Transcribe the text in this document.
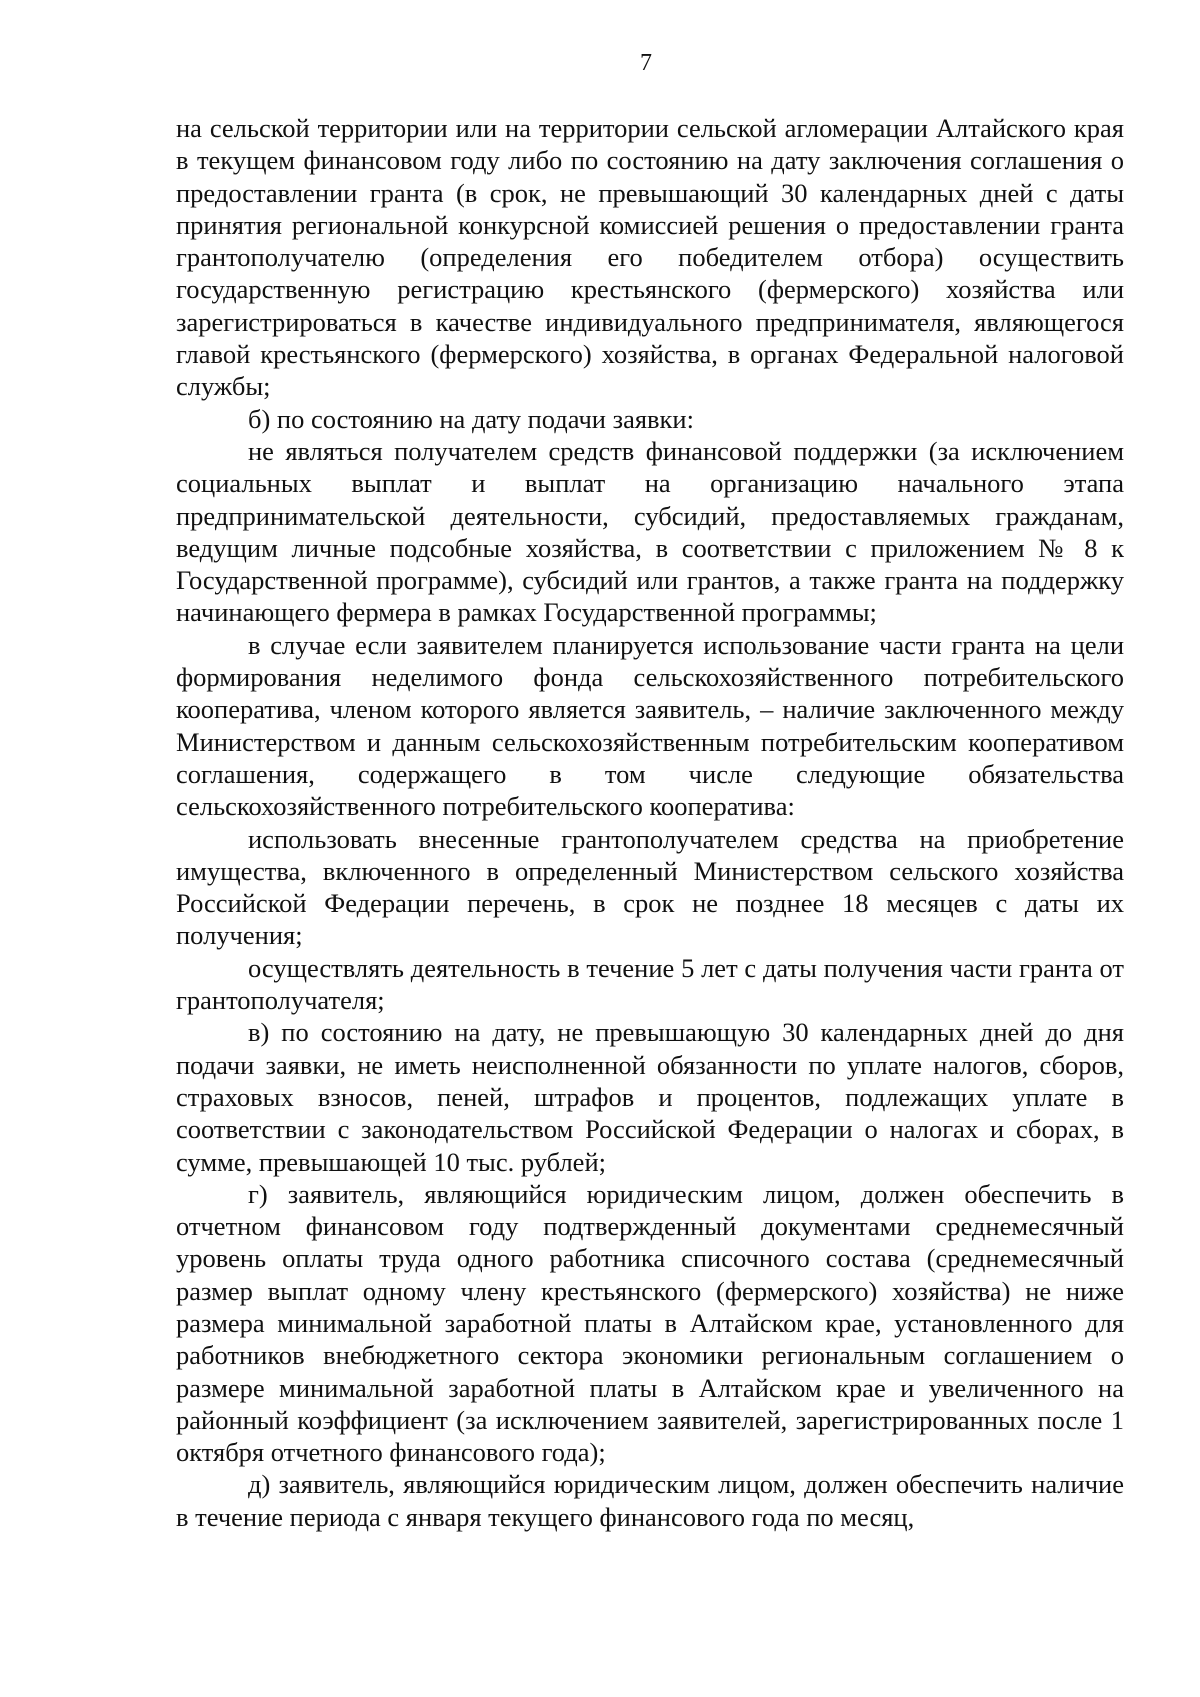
7

на сельской территории или на территории сельской агломерации Алтайского края в текущем финансовом году либо по состоянию на дату заключения соглашения о предоставлении гранта (в срок, не превышающий 30 календарных дней с даты принятия региональной конкурсной комиссией решения о предоставлении гранта грантополучателю (определения его победителем отбора) осуществить государственную регистрацию крестьянского (фермерского) хозяйства или зарегистрироваться в качестве индивидуального предпринимателя, являющегося главой крестьянского (фермерского) хозяйства, в органах Федеральной налоговой службы;

б) по состоянию на дату подачи заявки:

не являться получателем средств финансовой поддержки (за исключением социальных выплат и выплат на организацию начального этапа предпринимательской деятельности, субсидий, предоставляемых гражданам, ведущим личные подсобные хозяйства, в соответствии с приложением № 8 к Государственной программе), субсидий или грантов, а также гранта на поддержку начинающего фермера в рамках Государственной программы;

в случае если заявителем планируется использование части гранта на цели формирования неделимого фонда сельскохозяйственного потребительского кооператива, членом которого является заявитель, – наличие заключенного между Министерством и данным сельскохозяйственным потребительским кооперативом соглашения, содержащего в том числе следующие обязательства сельскохозяйственного потребительского кооператива:

использовать внесенные грантополучателем средства на приобретение имущества, включенного в определенный Министерством сельского хозяйства Российской Федерации перечень, в срок не позднее 18 месяцев с даты их получения;

осуществлять деятельность в течение 5 лет с даты получения части гранта от грантополучателя;

в) по состоянию на дату, не превышающую 30 календарных дней до дня подачи заявки, не иметь неисполненной обязанности по уплате налогов, сборов, страховых взносов, пеней, штрафов и процентов, подлежащих уплате в соответствии с законодательством Российской Федерации о налогах и сборах, в сумме, превышающей 10 тыс. рублей;

г) заявитель, являющийся юридическим лицом, должен обеспечить в отчетном финансовом году подтвержденный документами среднемесячный уровень оплаты труда одного работника списочного состава (среднемесячный размер выплат одному члену крестьянского (фермерского) хозяйства) не ниже размера минимальной заработной платы в Алтайском крае, установленного для работников внебюджетного сектора экономики региональным соглашением о размере минимальной заработной платы в Алтайском крае и увеличенного на районный коэффициент (за исключением заявителей, зарегистрированных после 1 октября отчетного финансового года);

д) заявитель, являющийся юридическим лицом, должен обеспечить наличие в течение периода с января текущего финансового года по месяц,
